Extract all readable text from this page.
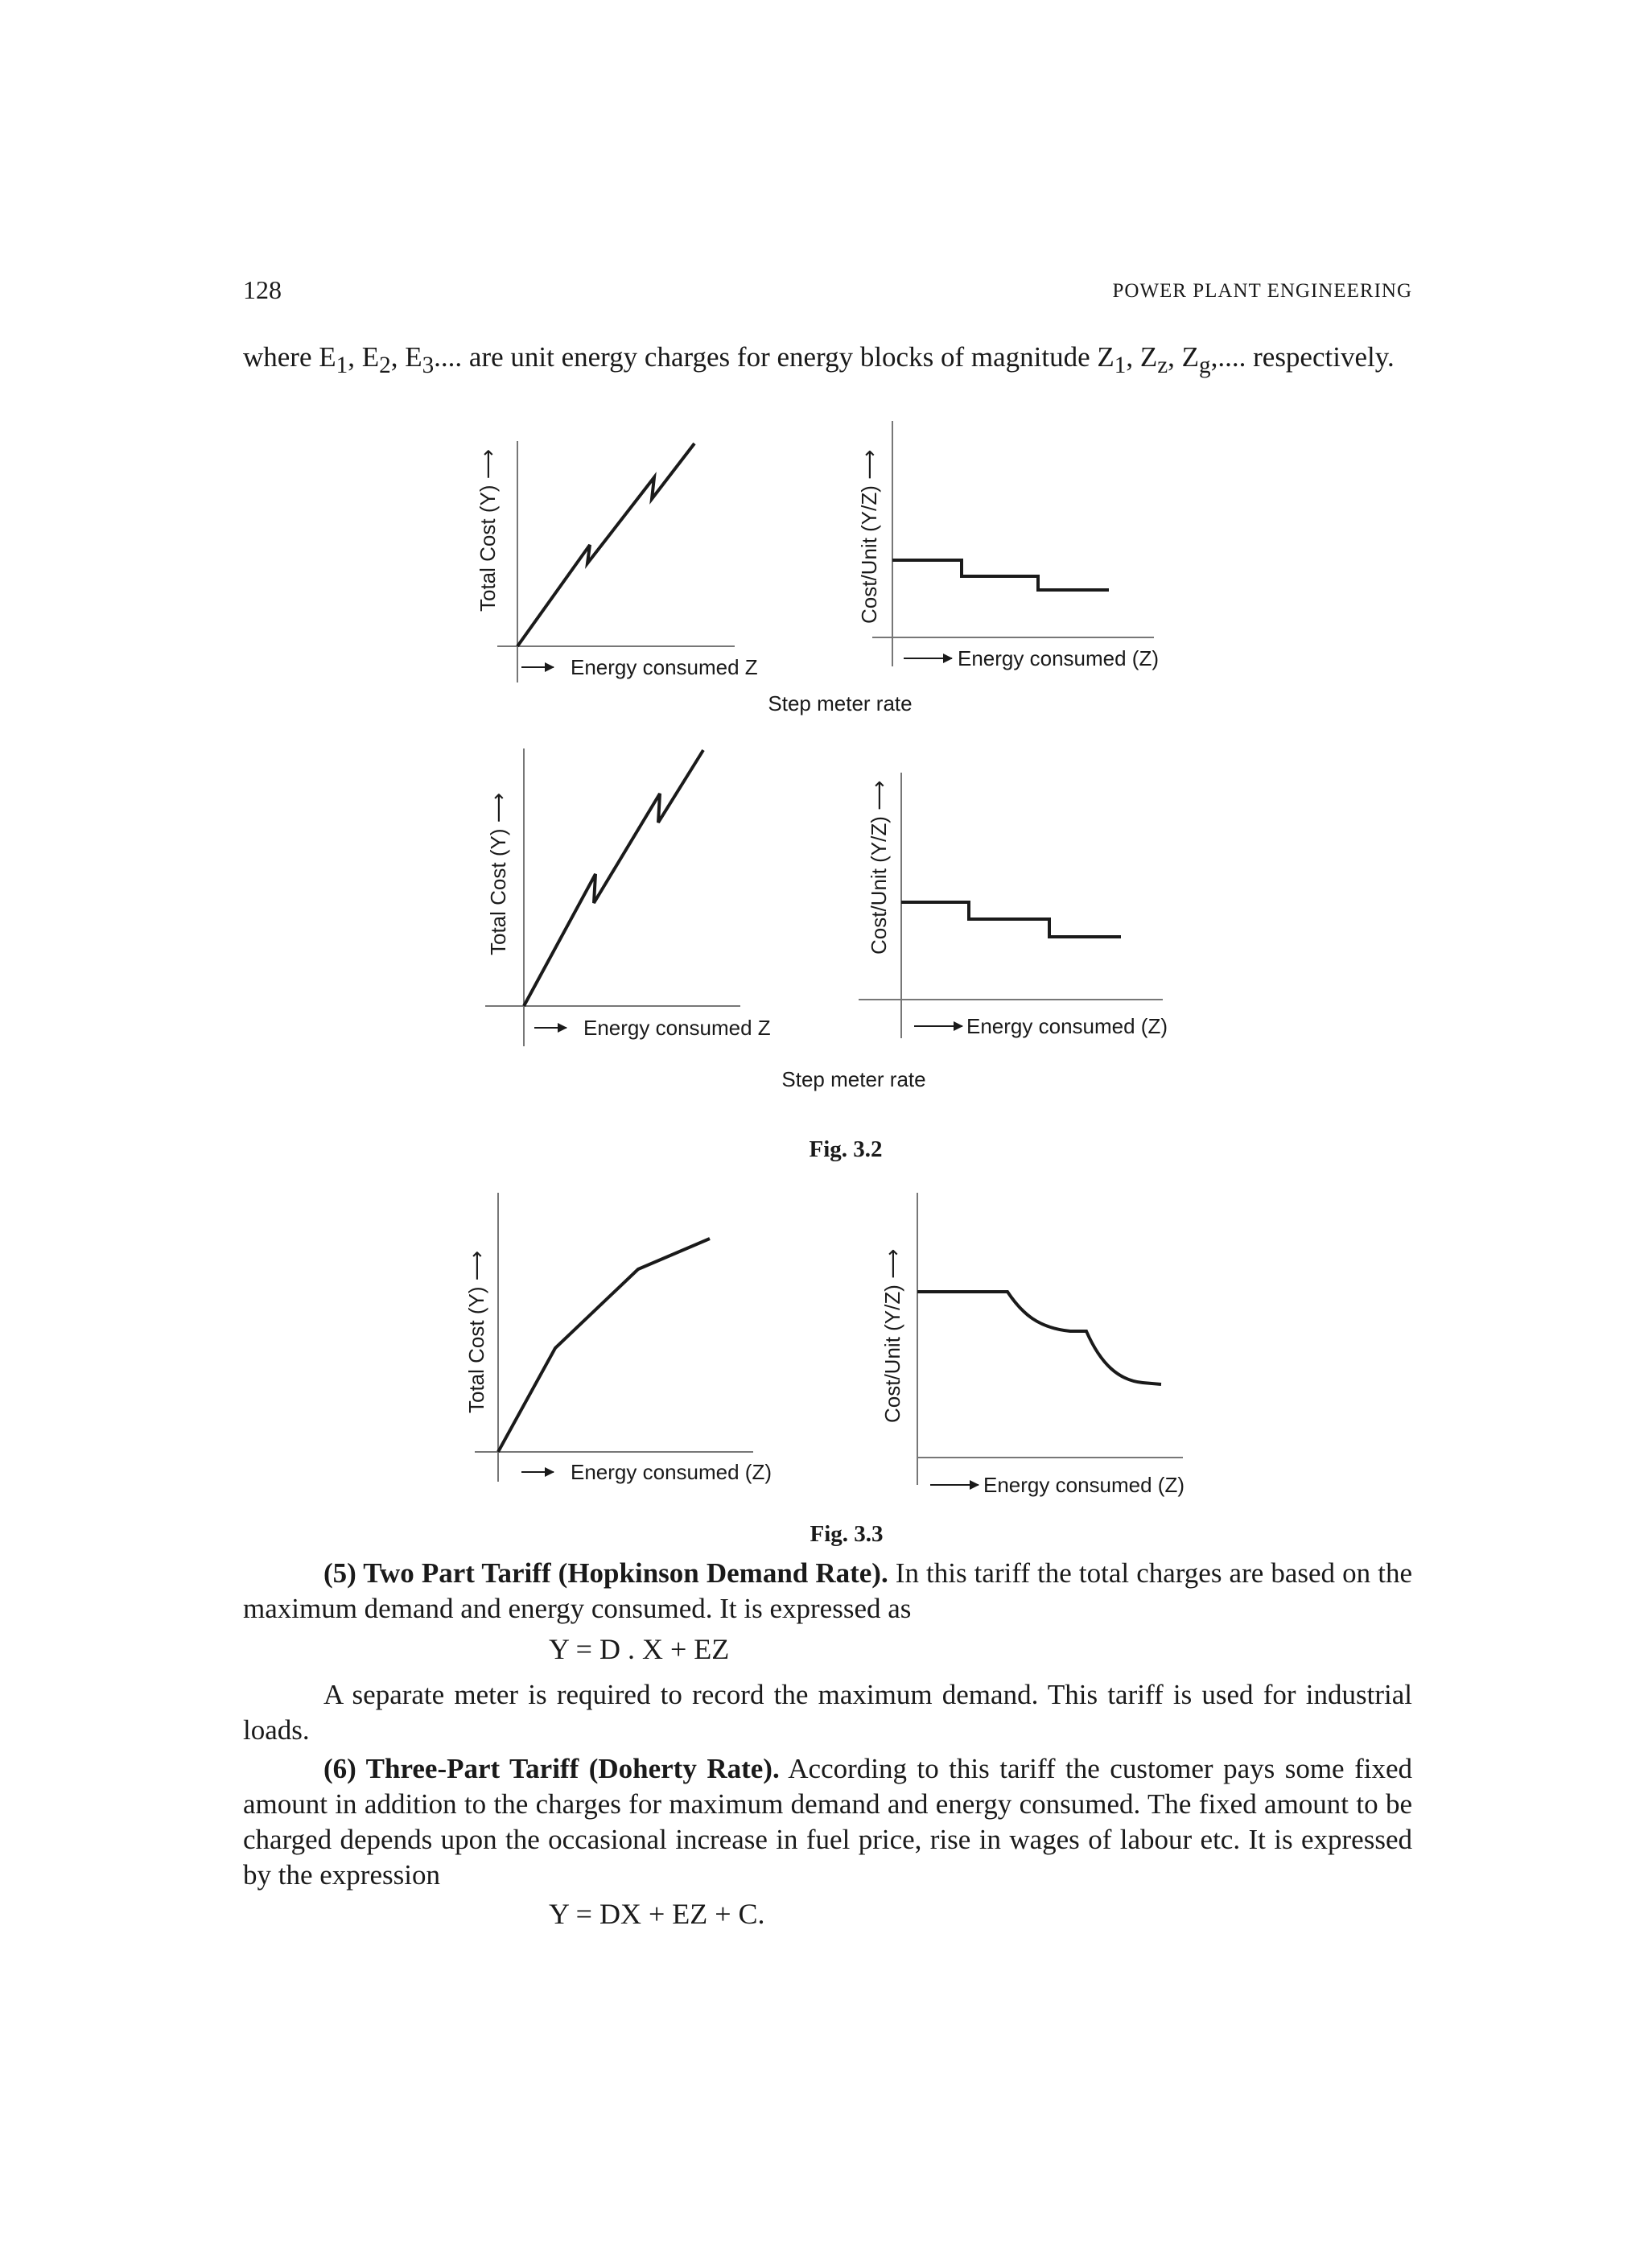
128	POWER PLANT ENGINEERING
where $E_1$, $E_2$, $E_3$.... are unit energy charges for energy blocks of magnitude $Z_1$, $Z_z$, $Z_g$,.... respectively.
Energy consumed Z
Total Cost (Y) ⟶
Energy consumed (Z)
Cost/Unit (Y/Z) ⟶
Step meter rate
Energy consumed Z
Total Cost (Y) ⟶
Energy consumed (Z)
Cost/Unit (Y/Z) ⟶
Step meter rate
Fig. 3.2
Energy consumed (Z)
Total Cost (Y) ⟶
Energy consumed (Z)
Cost/Unit (Y/Z) ⟶
Fig. 3.3
(5) Two Part Tariff (Hopkinson Demand Rate). In this tariff the total charges are based on the maximum demand and energy consumed. It is expressed as
Y = D . X + EZ
A separate meter is required to record the maximum demand. This tariff is used for industrial loads.
(6) Three-Part Tariff (Doherty Rate). According to this tariff the customer pays some fixed amount in addition to the charges for maximum demand and energy consumed. The fixed amount to be charged depends upon the occasional increase in fuel price, rise in wages of labour etc. It is expressed by the expression
Y = DX + EZ + C.
